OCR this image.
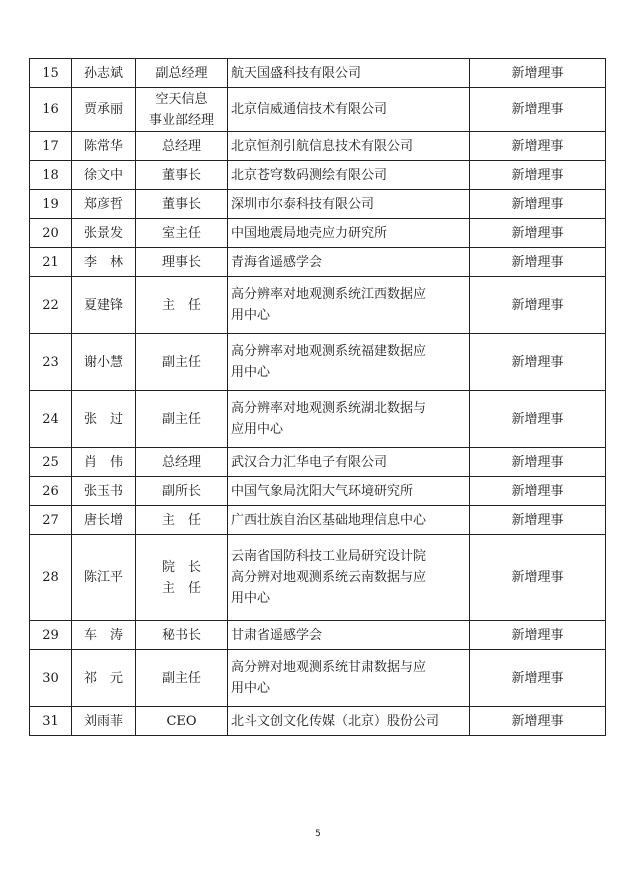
15	孙志斌	副总经理	航天国盛科技有限公司	新增理事
16	贾承丽	空天信息
事业部经理	北京信威通信技术有限公司	新增理事
17	陈常华	总经理	北京恒剂引航信息技术有限公司	新增理事
18	徐文中	董事长	北京苍穹数码测绘有限公司	新增理事
19	郑彦哲	董事长	深圳市尔泰科技有限公司	新增理事
20	张景发	室主任	中国地震局地壳应力研究所	新增理事
21	李　林	理事长	青海省遥感学会	新增理事
22	夏建锋	主　任	高分辨率对地观测系统江西数据应
用中心	新增理事
23	谢小慧	副主任	高分辨率对地观测系统福建数据应
用中心	新增理事
24	张　过	副主任	高分辨率对地观测系统湖北数据与
应用中心	新增理事
25	肖　伟	总经理	武汉合力汇华电子有限公司	新增理事
26	张玉书	副所长	中国气象局沈阳大气环境研究所	新增理事
27	唐长增	主　任	广西壮族自治区基础地理信息中心	新增理事
28	陈江平	院　长
主　任	云南省国防科技工业局研究设计院
高分辨对地观测系统云南数据与应
用中心	新增理事
29	车　涛	秘书长	甘肃省遥感学会	新增理事
30	祁　元	副主任	高分辨对地观测系统甘肃数据与应
用中心	新增理事
31	刘雨菲	CEO	北斗文创文化传媒（北京）股份公司	新增理事
5
